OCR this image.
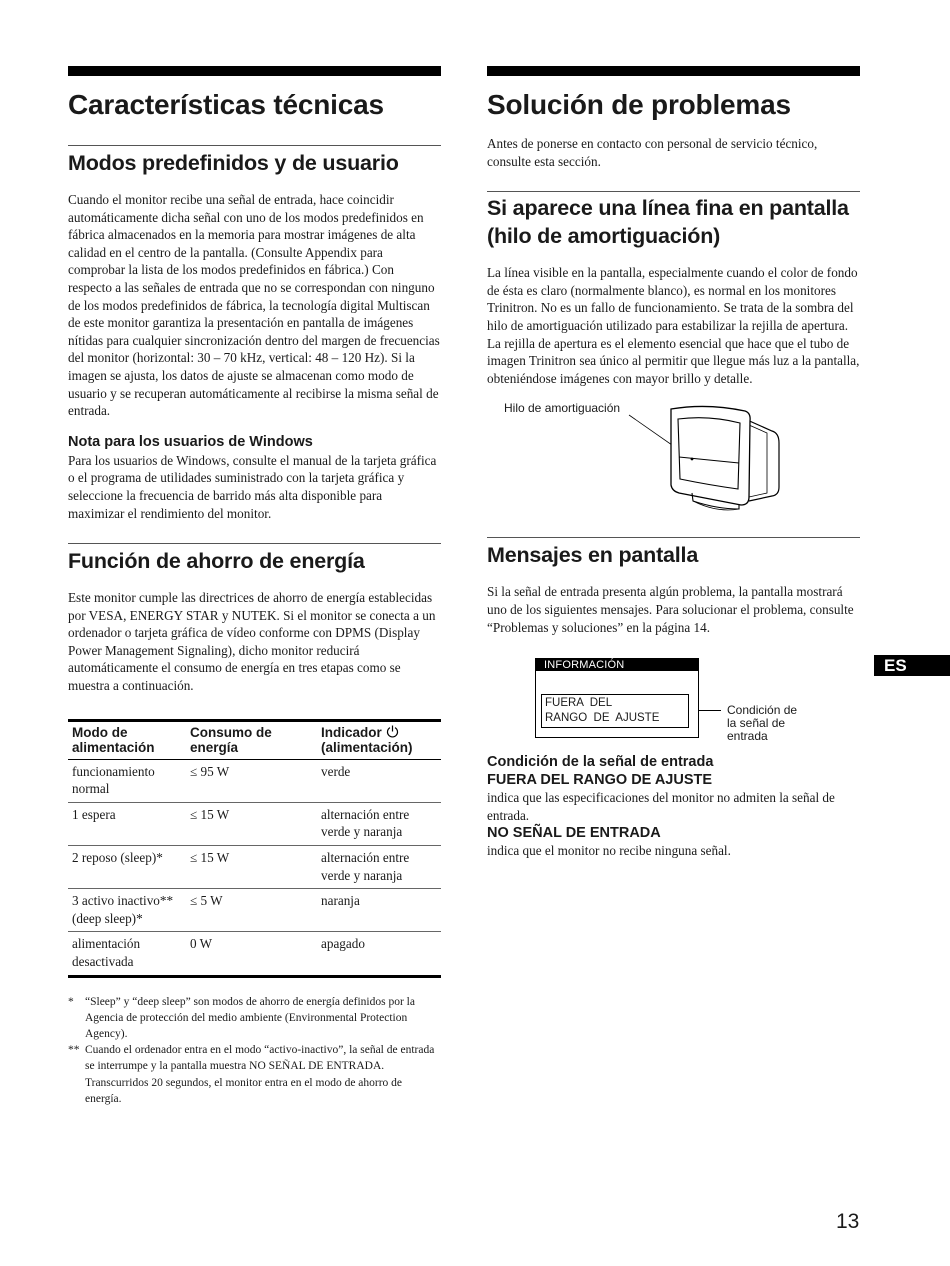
Características técnicas
Modos predefinidos y de usuario

Cuando el monitor recibe una señal de entrada, hace coincidir automáticamente dicha señal con uno de los modos predefinidos en fábrica almacenados en la memoria para mostrar imágenes de alta calidad en el centro de la pantalla. (Consulte Appendix para comprobar la lista de los modos predefinidos en fábrica.) Con respecto a las señales de entrada que no se correspondan con ninguno de los modos predefinidos de fábrica, la tecnología digital Multiscan de este monitor garantiza la presentación en pantalla de imágenes nítidas para cualquier sincronización dentro del margen de frecuencias del monitor (horizontal: 30 – 70 kHz, vertical: 48 – 120 Hz). Si la imagen se ajusta, los datos de ajuste se almacenan como modo de usuario y se recuperan automáticamente al recibirse la misma señal de entrada.

Nota para los usuarios de Windows

Para los usuarios de Windows, consulte el manual de la tarjeta gráfica o el programa de utilidades suministrado con la tarjeta gráfica y seleccione la frecuencia de barrido más alta disponible para maximizar el rendimiento del monitor.

Función de ahorro de energía

Este monitor cumple las directrices de ahorro de energía establecidas por VESA, ENERGY STAR y NUTEK. Si el monitor se conecta a un ordenador o tarjeta gráfica de vídeo conforme con DPMS (Display Power Management Signaling), dicho monitor reducirá automáticamente el consumo de energía en tres etapas como se muestra a continuación.

Modo de alimentación	Consumo de energía	Indicador
(alimentación)
funcionamiento normal	≤ 95 W	verde
1 espera	≤ 15 W	alternación entre verde y naranja
2 reposo (sleep)*	≤ 15 W	alternación entre verde y naranja
3 activo inactivo** (deep sleep)*	≤ 5 W	naranja
alimentación desactivada	0 W	apagado
* “Sleep” y “deep sleep” son modos de ahorro de energía definidos por la Agencia de protección del medio ambiente (Environmental Protection Agency).
** Cuando el ordenador entra en el modo “activo-inactivo”, la señal de entrada se interrumpe y la pantalla muestra NO SEÑAL DE ENTRADA. Transcurridos 20 segundos, el monitor entra en el modo de ahorro de energía.
Solución de problemas

Antes de ponerse en contacto con personal de servicio técnico, consulte esta sección.

Si aparece una línea fina en pantalla (hilo de amortiguación)

La línea visible en la pantalla, especialmente cuando el color de fondo de ésta es claro (normalmente blanco), es normal en los monitores Trinitron. No es un fallo de funcionamiento. Se trata de la sombra del hilo de amortiguación utilizado para estabilizar la rejilla de apertura. La rejilla de apertura es el elemento esencial que hace que el tubo de imagen Trinitron sea único al permitir que llegue más luz a la pantalla, obteniéndose imágenes con mayor brillo y detalle.

Hilo de amortiguación
Mensajes en pantalla

Si la señal de entrada presenta algún problema, la pantalla mostrará uno de los siguientes mensajes. Para solucionar el problema, consulte “Problemas y soluciones” en la página 14.

INFORMACIÓN
FUERA  DEL
RANGO  DE  AJUSTE
Condición de
la señal de
entrada
Condición de la señal de entrada
FUERA DEL RANGO DE AJUSTE

indica que las especificaciones del monitor no admiten la señal de entrada.

NO SEÑAL DE ENTRADA

indica que el monitor no recibe ninguna señal.

ES
13
